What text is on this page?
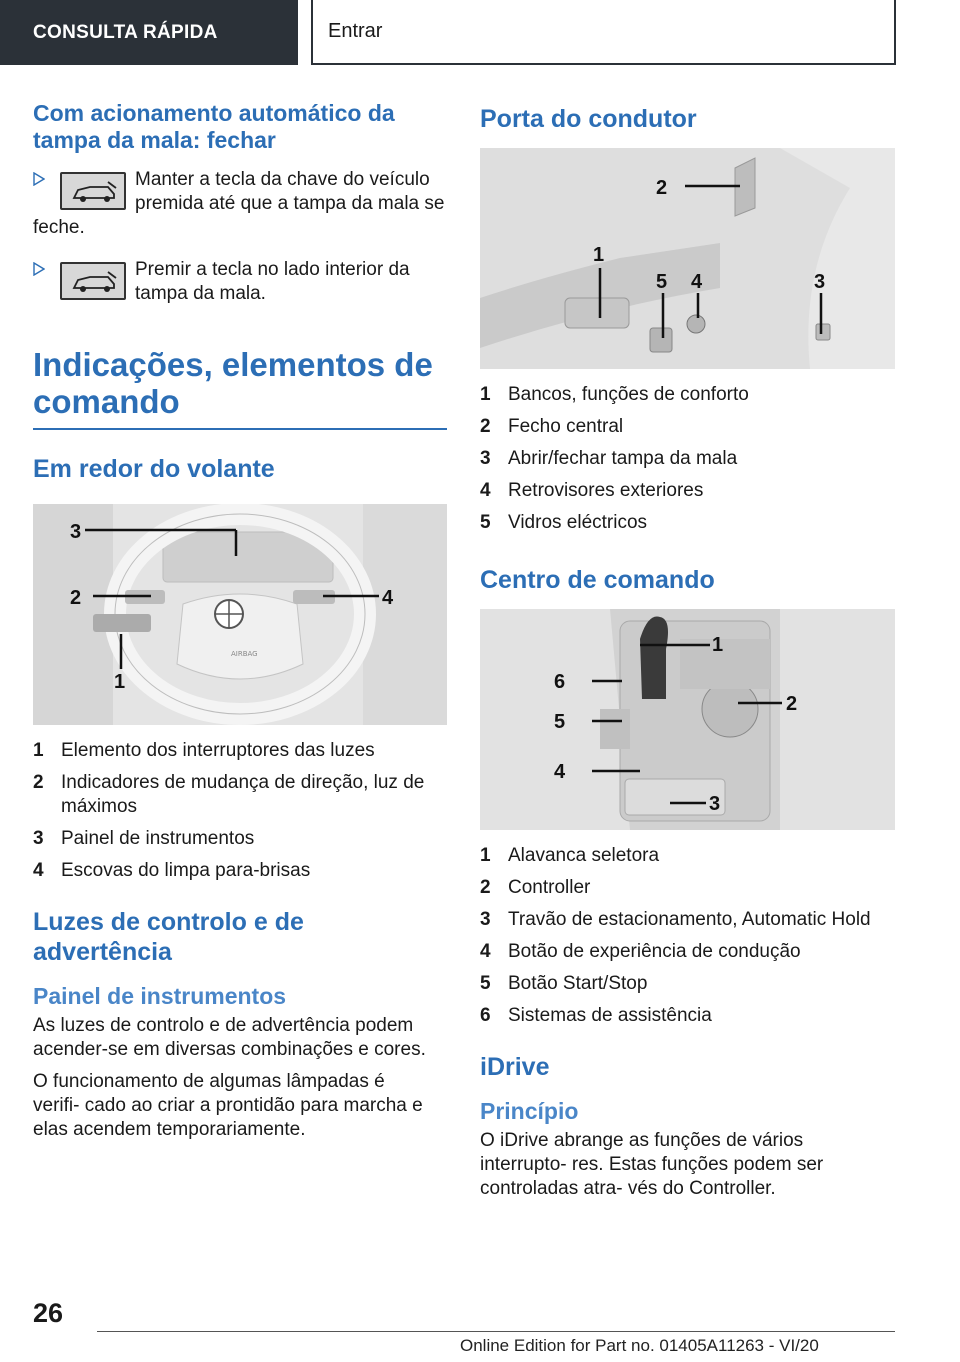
CONSULTA RÁPIDA	Entrar
Com acionamento automático da tampa da mala: fechar
Manter a tecla da chave do veículo premida até que a tampa da mala se feche.
Premir a tecla no lado interior da tampa da mala.
Indicações, elementos de comando
Em redor do volante
AIRBAG
3
2	4
1
1 Elemento dos interruptores das luzes
2 Indicadores de mudança de direção, luz de máximos
3 Painel de instrumentos
4 Escovas do limpa para-brisas
Luzes de controlo e de advertência
Painel de instrumentos
As luzes de controlo e de advertência podem acender-se em diversas combinações e cores.
O funcionamento de algumas lâmpadas é verifi- cado ao criar a prontidão para marcha e elas acendem temporariamente.
Porta do condutor
2
1
5 4	3
1 Bancos, funções de conforto
2 Fecho central
3 Abrir/fechar tampa da mala
4 Retrovisores exteriores
5 Vidros eléctricos
Centro de comando
1
6
5
2
4
3
1 Alavanca seletora
2 Controller
3 Travão de estacionamento, Automatic Hold
4 Botão de experiência de condução
5 Botão Start/Stop
6 Sistemas de assistência
iDrive
Princípio
O iDrive abrange as funções de vários interrupto- res. Estas funções podem ser controladas atra- vés do Controller.
26
Online Edition for Part no. 01405A11263 - VI/20
